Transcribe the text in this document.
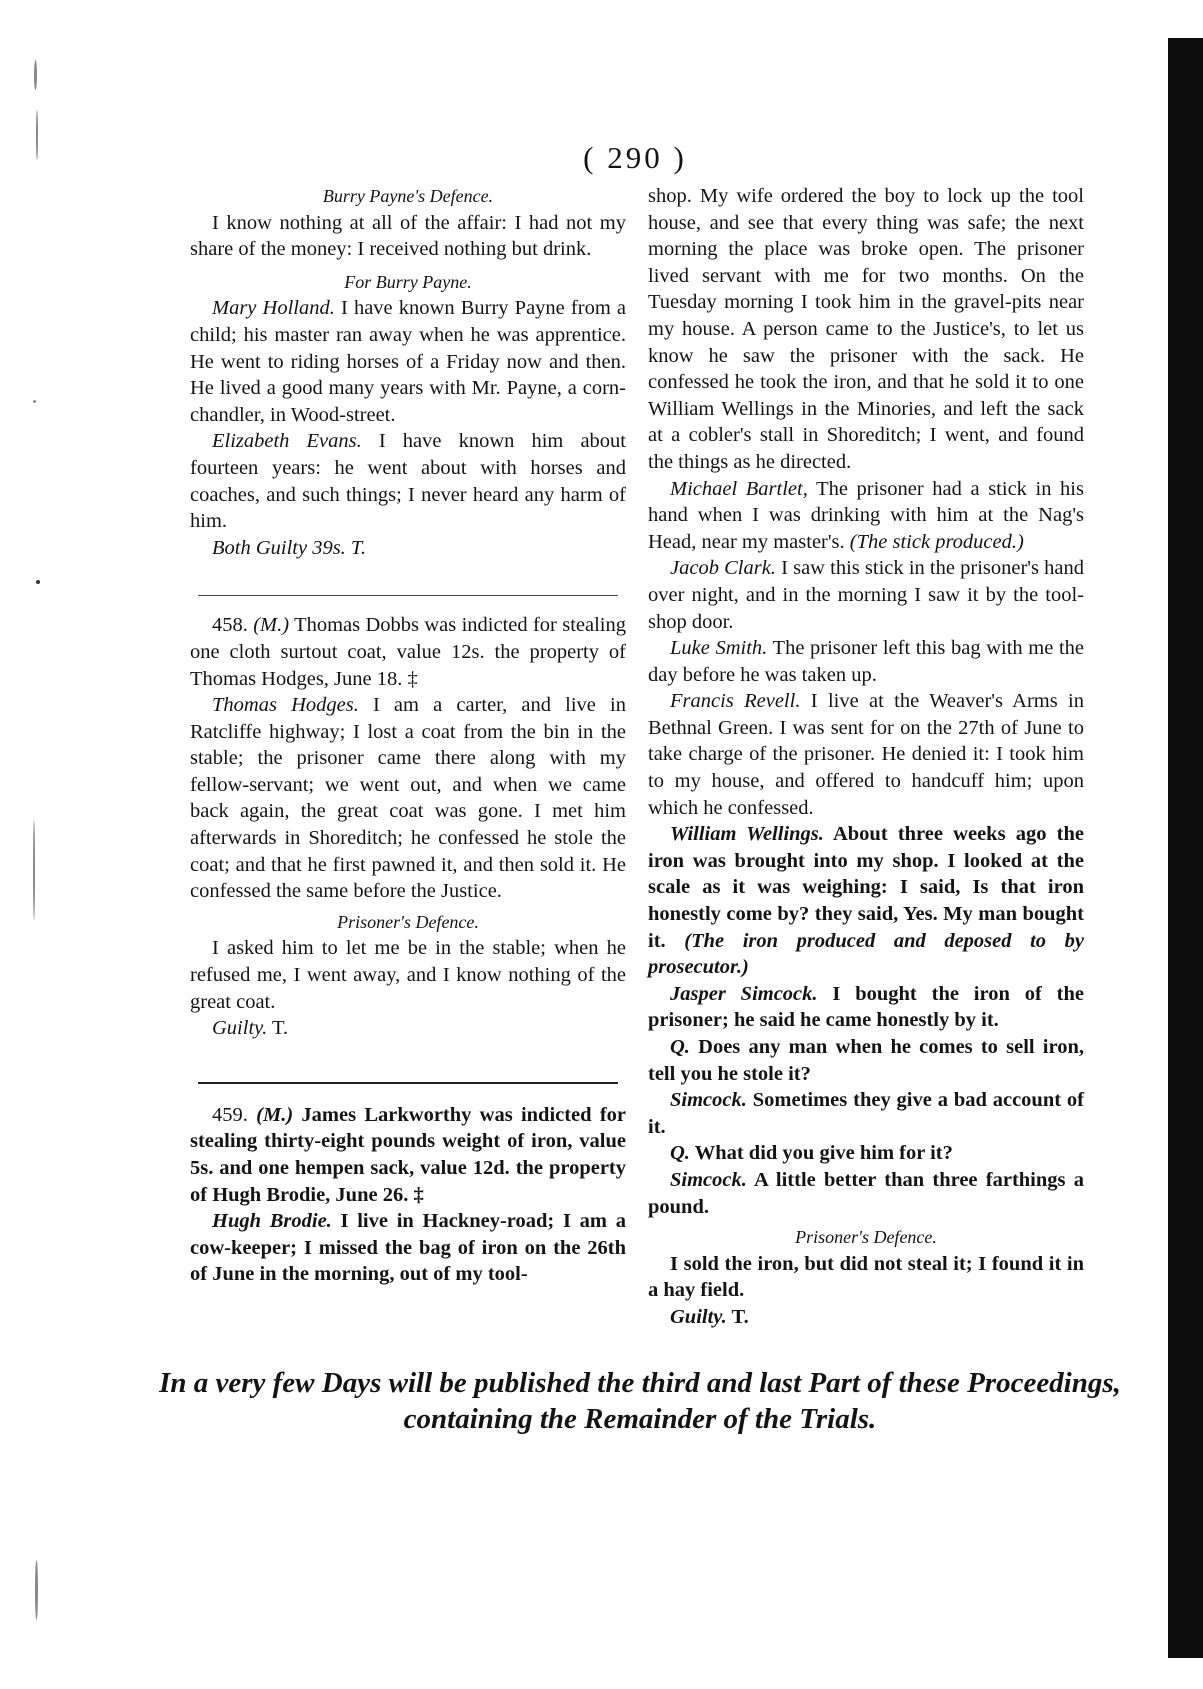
( 290 )

Burry Payne's Defence.

I know nothing at all of the affair: I had not my share of the money: I received nothing but drink.

For Burry Payne.

Mary Holland. I have known Burry Payne from a child; his master ran away when he was apprentice. He went to riding horses of a Friday now and then. He lived a good many years with Mr. Payne, a corn-chandler, in Wood-street.

Elizabeth Evans. I have known him about fourteen years: he went about with horses and coaches, and such things; I never heard any harm of him.

Both Guilty 39s. T.

458. (M.) Thomas Dobbs was indicted for stealing one cloth surtout coat, value 12s. the property of Thomas Hodges, June 18. ‡

Thomas Hodges. I am a carter, and live in Ratcliffe highway; I lost a coat from the bin in the stable; the prisoner came there along with my fellow-servant; we went out, and when we came back again, the great coat was gone. I met him afterwards in Shoreditch; he confessed he stole the coat; and that he first pawned it, and then sold it. He confessed the same before the Justice.

Prisoner's Defence.

I asked him to let me be in the stable; when he refused me, I went away, and I know nothing of the great coat.

Guilty. T.

459. (M.) James Larkworthy was indicted for stealing thirty-eight pounds weight of iron, value 5s. and one hempen sack, value 12d. the property of Hugh Brodie, June 26. ‡

Hugh Brodie. I live in Hackney-road; I am a cow-keeper; I missed the bag of iron on the 26th of June in the morning, out of my tool-

shop. My wife ordered the boy to lock up the tool house, and see that every thing was safe; the next morning the place was broke open. The prisoner lived servant with me for two months. On the Tuesday morning I took him in the gravel-pits near my house. A person came to the Justice's, to let us know he saw the prisoner with the sack. He confessed he took the iron, and that he sold it to one William Wellings in the Minories, and left the sack at a cobler's stall in Shoreditch; I went, and found the things as he directed.

Michael Bartlet, The prisoner had a stick in his hand when I was drinking with him at the Nag's Head, near my master's. (The stick produced.)

Jacob Clark. I saw this stick in the prisoner's hand over night, and in the morning I saw it by the tool-shop door.

Luke Smith. The prisoner left this bag with me the day before he was taken up.

Francis Revell. I live at the Weaver's Arms in Bethnal Green. I was sent for on the 27th of June to take charge of the prisoner. He denied it: I took him to my house, and offered to handcuff him; upon which he confessed.

William Wellings. About three weeks ago the iron was brought into my shop. I looked at the scale as it was weighing: I said, Is that iron honestly come by? they said, Yes. My man bought it. (The iron produced and deposed to by prosecutor.)

Jasper Simcock. I bought the iron of the prisoner; he said he came honestly by it.

Q. Does any man when he comes to sell iron, tell you he stole it?

Simcock. Sometimes they give a bad account of it.

Q. What did you give him for it?

Simcock. A little better than three farthings a pound.

Prisoner's Defence.

I sold the iron, but did not steal it; I found it in a hay field.

Guilty. T.

In a very few Days will be published the third and last Part of these Proceedings,
containing the Remainder of the Trials.
